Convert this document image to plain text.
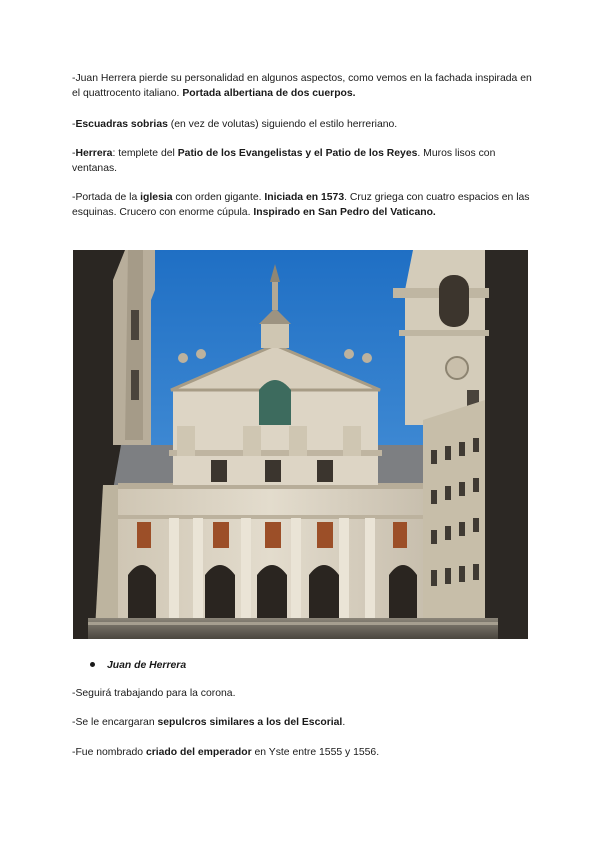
-Juan Herrera pierde su personalidad en algunos aspectos, como vemos en la fachada inspirada en el quattrocento italiano. Portada albertiana de dos cuerpos.

-Escuadras sobrias (en vez de volutas) siguiendo el estilo herreriano.

-Herrera: templete del Patio de los Evangelistas y el Patio de los Reyes. Muros lisos con ventanas.

-Portada de la iglesia con orden gigante. Iniciada en 1573. Cruz griega con cuatro espacios en las esquinas. Crucero con enorme cúpula. Inspirado en San Pedro del Vaticano.

Juan de Herrera

-Seguirá trabajando para la corona.

-Se le encargaran sepulcros similares a los del Escorial.

-Fue nombrado criado del emperador en Yste entre 1555 y 1556.
